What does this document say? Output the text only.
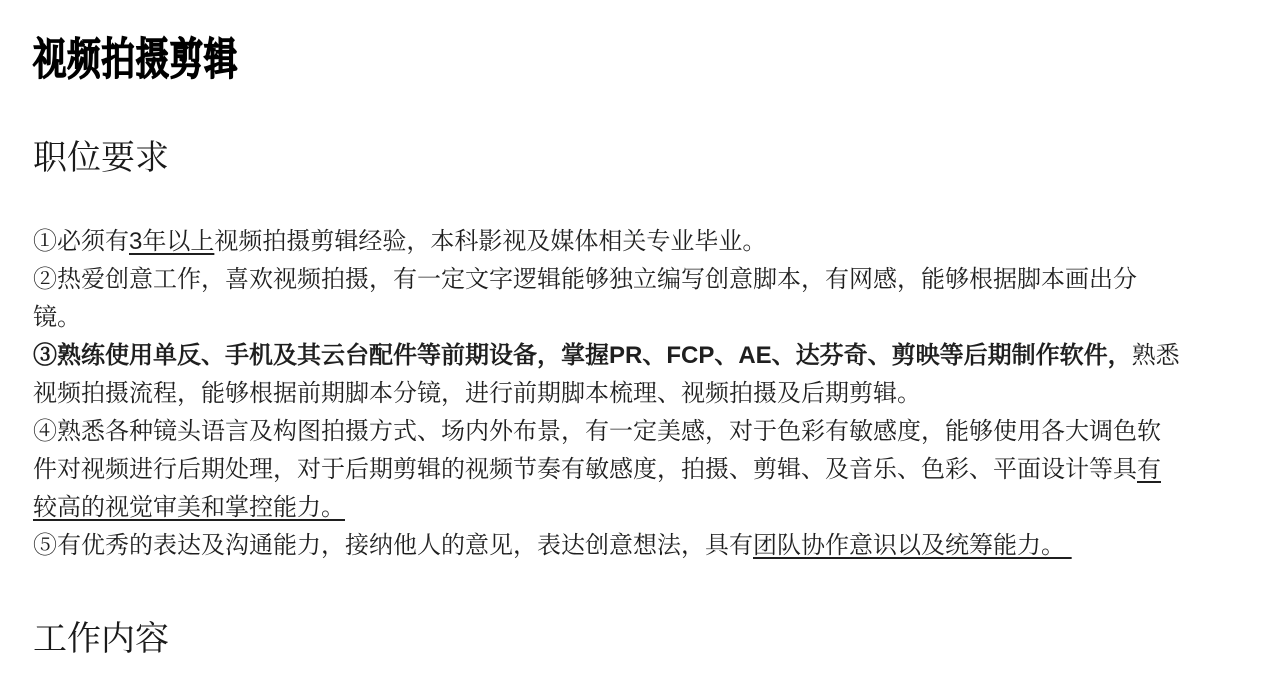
视频拍摄剪辑
职位要求
①必须有3年以上视频拍摄剪辑经验，本科影视及媒体相关专业毕业。
②热爱创意工作，喜欢视频拍摄，有一定文字逻辑能够独立编写创意脚本，有网感，能够根据脚本画出分
镜。
③熟练使用单反、手机及其云台配件等前期设备，掌握PR、FCP、AE、达芬奇、剪映等后期制作软件，熟悉
视频拍摄流程，能够根据前期脚本分镜，进行前期脚本梳理、视频拍摄及后期剪辑。
④熟悉各种镜头语言及构图拍摄方式、场内外布景，有一定美感，对于色彩有敏感度，能够使用各大调色软
件对视频进行后期处理，对于后期剪辑的视频节奏有敏感度，拍摄、剪辑、及音乐、色彩、平面设计等具有
较高的视觉审美和掌控能力。
⑤有优秀的表达及沟通能力，接纳他人的意见，表达创意想法，具有团队协作意识以及统筹能力。
工作内容
